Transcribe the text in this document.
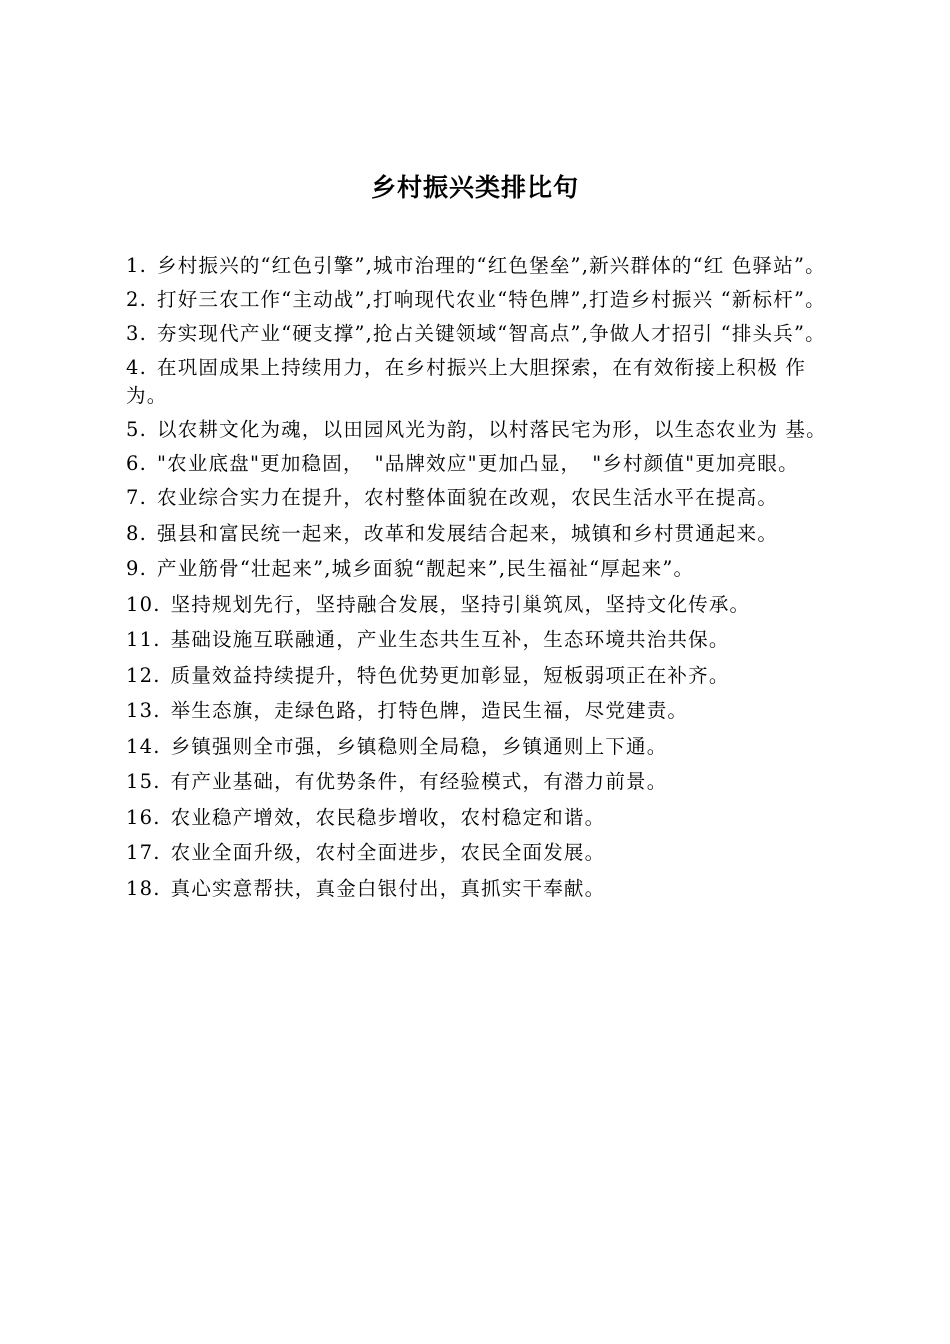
乡村振兴类排比句
1. 乡村振兴的“红色引擎”,城市治理的“红色堡垒”,新兴群体的“红 色驿站”。
2. 打好三农工作“主动战”,打响现代农业“特色牌”,打造乡村振兴 “新标杆”。
3. 夯实现代产业“硬支撑”,抢占关键领域“智高点”,争做人才招引 “排头兵”。
4. 在巩固成果上持续用力，在乡村振兴上大胆探索，在有效衔接上积极 作为。
5. 以农耕文化为魂，以田园风光为韵，以村落民宅为形，以生态农业为 基。
6. "农业底盘"更加稳固，　"品牌效应"更加凸显，　"乡村颜值"更加亮眼。
7. 农业综合实力在提升，农村整体面貌在改观，农民生活水平在提高。
8. 强县和富民统一起来，改革和发展结合起来，城镇和乡村贯通起来。
9. 产业筋骨“壮起来”,城乡面貌“靓起来”,民生福祉“厚起来”。
10. 坚持规划先行，坚持融合发展，坚持引巢筑凤，坚持文化传承。
11. 基础设施互联融通，产业生态共生互补，生态环境共治共保。
12. 质量效益持续提升，特色优势更加彰显，短板弱项正在补齐。
13. 举生态旗，走绿色路，打特色牌，造民生福，尽党建责。
14. 乡镇强则全市强，乡镇稳则全局稳，乡镇通则上下通。
15. 有产业基础，有优势条件，有经验模式，有潜力前景。
16. 农业稳产增效，农民稳步增收，农村稳定和谐。
17. 农业全面升级，农村全面进步，农民全面发展。
18. 真心实意帮扶，真金白银付出，真抓实干奉献。
